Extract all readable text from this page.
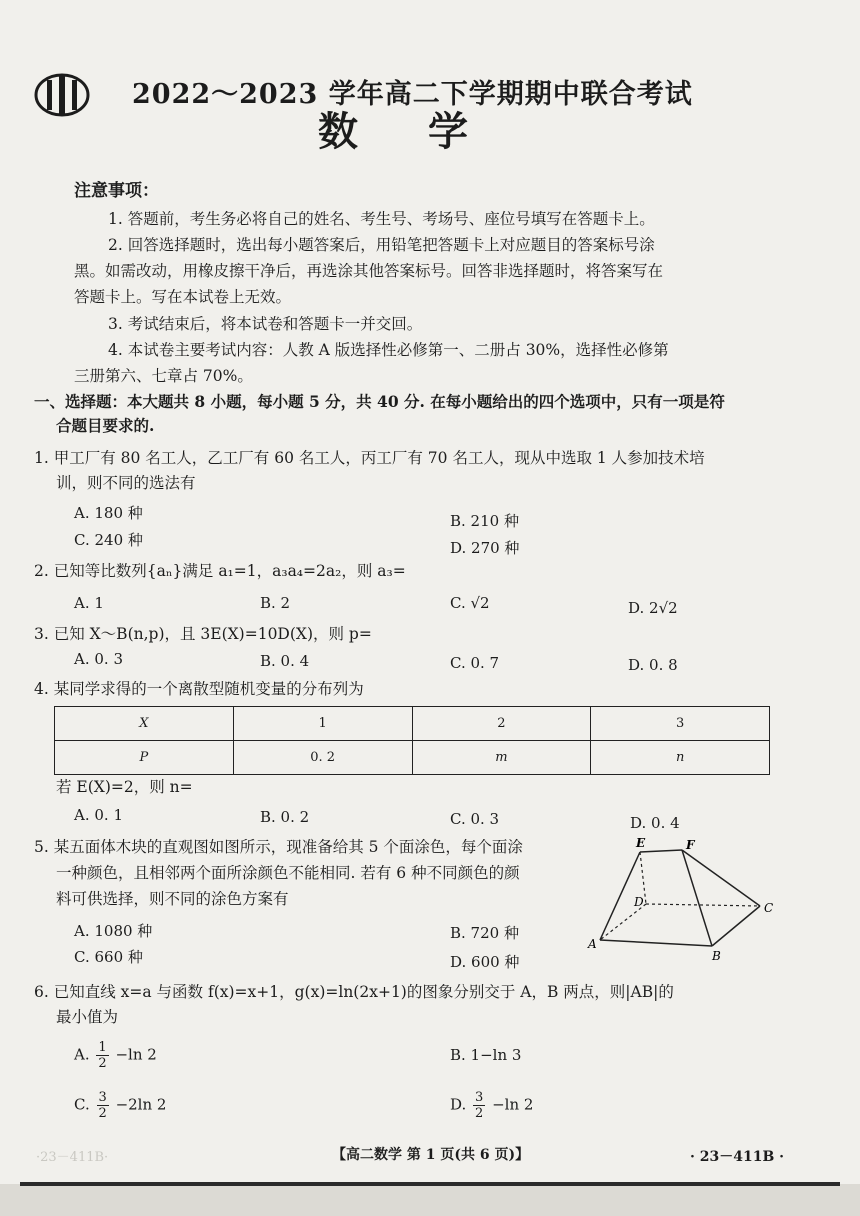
2022～2023 学年高二下学期期中联合考试
数学
注意事项：
1. 答题前，考生务必将自己的姓名、考生号、考场号、座位号填写在答题卡上。
2. 回答选择题时，选出每小题答案后，用铅笔把答题卡上对应题目的答案标号涂
黑。如需改动，用橡皮擦干净后，再选涂其他答案标号。回答非选择题时，将答案写在
答题卡上。写在本试卷上无效。
3. 考试结束后，将本试卷和答题卡一并交回。
4. 本试卷主要考试内容：人教 A 版选择性必修第一、二册占 30%，选择性必修第
三册第六、七章占 70%。
一、选择题：本大题共 8 小题，每小题 5 分，共 40 分. 在每小题给出的四个选项中，只有一项是符
合题目要求的.
1. 甲工厂有 80 名工人，乙工厂有 60 名工人，丙工厂有 70 名工人，现从中选取 1 人参加技术培
训，则不同的选法有
A. 180 种	B. 210 种
C. 240 种	D. 270 种
2. 已知等比数列{aₙ}满足 a₁=1，a₃a₄=2a₂，则 a₃=
A. 1	B. 2	C. √2	D. 2√2
3. 已知 X～B(n,p)，且 3E(X)=10D(X)，则 p=
A. 0. 3	B. 0. 4	C. 0. 7	D. 0. 8
4. 某同学求得的一个离散型随机变量的分布列为
X	1	2	3
P	0. 2	m	n
若 E(X)=2，则 n=
A. 0. 1	B. 0. 2	C. 0. 3	D. 0. 4
5. 某五面体木块的直观图如图所示，现准备给其 5 个面涂色，每个面涂
一种颜色，且相邻两个面所涂颜色不能相同. 若有 6 种不同颜色的颜
料可供选择，则不同的涂色方案有
A. 1080 种	B. 720 种
C. 660 种	D. 600 种
E	F
D	C
A
B
6. 已知直线 x=a 与函数 f(x)=x+1，g(x)=ln(2x+1)的图象分别交于 A，B 两点，则|AB|的
最小值为
A. $\frac{1}{2} -\ln$ 2	B. 1−ln 3
C. $\frac{3}{2} -2\ln$ 2	D. $\frac{3}{2} -\ln$ 2
·23－411B·	【高二数学 第 1 页(共 6 页)】	· 23－411B ·
